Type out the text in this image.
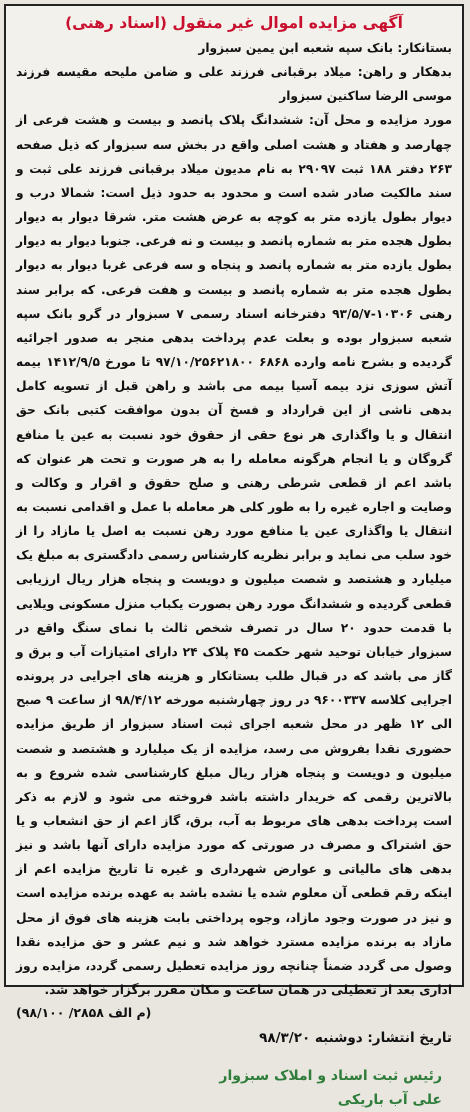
آگهی مزایده اموال غیر منقول (اسناد رهنی)

بستانکار: بانک سپه شعبه ابن یمین سبزوار

بدهکار و راهن: میلاد برقبانی فرزند علی و ضامن ملیحه مقیسه فرزند موسی الرضا ساکنین سبزوار

مورد مزایده و محل آن: ششدانگ پلاک پانصد و بیست و هشت فرعی از چهارصد و هفتاد و هشت اصلی واقع در بخش سه سبزوار که ذیل صفحه ۲۶۳ دفتر ۱۸۸ ثبت ۲۹۰۹۷ به نام مدیون میلاد برقبانی فرزند علی ثبت و سند مالکیت صادر شده است و محدود به حدود ذیل است: شمالا درب و دیوار بطول یازده متر به کوچه به عرض هشت متر. شرقا دیوار به دیوار بطول هجده متر به شماره پانصد و بیست و نه فرعی. جنوبا دیوار به دیوار بطول یازده متر به شماره پانصد و پنجاه و سه فرعی غربا دیوار به دیوار بطول هجده متر به شماره پانصد و بیست و هفت فرعی. که برابر سند رهنی ۱۰۳۰۶-۹۳/۵/۷ دفترخانه اسناد رسمی ۷ سبزوار در گرو بانک سپه شعبه سبزوار بوده و بعلت عدم پرداخت بدهی منجر به صدور اجرائیه گردیده و بشرح نامه وارده ۶۸۶۸ ۹۷/۱۰/۲۵۶۲۱۸۰۰ تا مورخ ۱۴۱۲/۹/۵ بیمه آتش سوزی نزد بیمه آسیا بیمه می باشد و راهن قبل از تسویه کامل بدهی ناشی از این قرارداد و فسخ آن بدون موافقت کتبی بانک حق انتقال و یا واگذاری هر نوع حقی از حقوق خود نسبت به عین یا منافع گروگان و یا انجام هرگونه معامله را به هر صورت و تحت هر عنوان که باشد اعم از قطعی شرطی رهنی و صلح حقوق و اقرار و وکالت و وصایت و اجاره غیره را به طور کلی هر معامله با عمل و اقدامی نسبت به انتقال یا واگذاری عین یا منافع مورد رهن نسبت به اصل یا مازاد را از خود سلب می نماید و برابر نظریه کارشناس رسمی دادگستری به مبلغ یک میلیارد و هشتصد و شصت میلیون و دویست و پنجاه هزار ریال ارزیابی قطعی گردیده و ششدانگ مورد رهن بصورت یکباب منزل مسکونی ویلایی با قدمت حدود ۲۰ سال در تصرف شخص ثالث با نمای سنگ واقع در سبزوار خیابان توحید شهر حکمت ۴۵ پلاک ۲۴ دارای امتیازات آب و برق و گاز می باشد که در قبال طلب بستانکار و هزینه های اجرایی در پرونده اجرایی کلاسه ۹۶۰۰۳۳۷ در روز چهارشنبه مورخه ۹۸/۴/۱۲ از ساعت ۹ صبح الی ۱۲ ظهر در محل شعبه اجرای ثبت اسناد سبزوار از طریق مزایده حضوری نقدا بفروش می رسد، مزایده از یک میلیارد و هشتصد و شصت میلیون و دویست و پنجاه هزار ریال مبلغ کارشناسی شده شروع و به بالاترین رقمی که خریدار داشته باشد فروخته می شود و لازم به ذکر است پرداخت بدهی های مربوط به آب، برق، گاز اعم از حق انشعاب و یا حق اشتراک و مصرف در صورتی که مورد مزایده دارای آنها باشد و نیز بدهی های مالیاتی و عوارض شهرداری و غیره تا تاریخ مزایده اعم از اینکه رقم قطعی آن معلوم شده یا نشده باشد به عهده برنده مزایده است و نیز در صورت وجود مازاد، وجوه پرداختی بابت هزینه های فوق از محل مازاد به برنده مزایده مسترد خواهد شد و نیم عشر و حق مزایده نقدا وصول می گردد ضمناً چنانچه روز مزایده تعطیل رسمی گردد، مزایده روز اداری بعد از تعطیلی در همان ساعت و مکان مقرر برگزار خواهد شد.

(م الف ۲۸۵۸/ ۹۸/۱۰۰)
تاریخ انتشار: دوشنبه ۹۸/۳/۲۰
رئیس ثبت اسناد و املاک سبزوار
علی آب باریکی
